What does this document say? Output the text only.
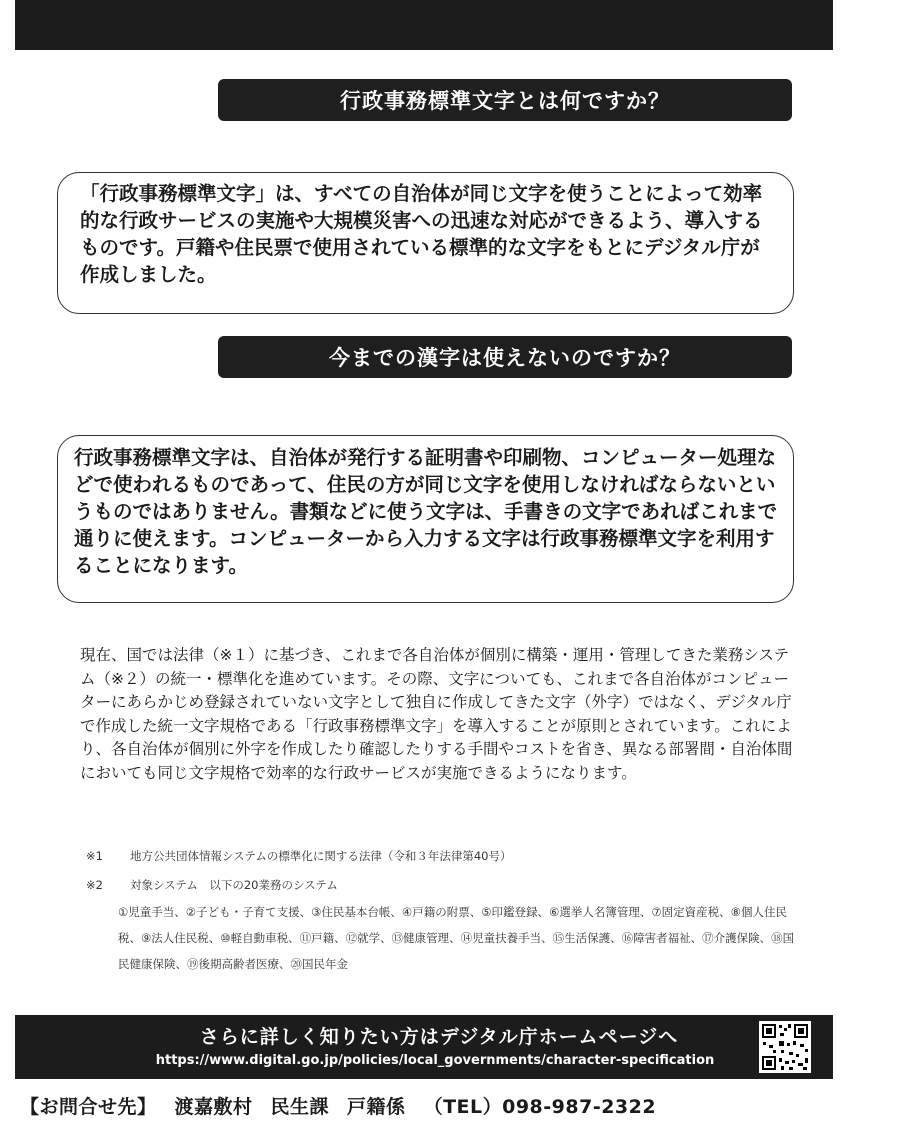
行政事務標準文字とは何ですか？
「行政事務標準文字」は、すべての自治体が同じ文字を使うことによって効率的な行政サービスの実施や大規模災害への迅速な対応ができるよう、導入するものです。戸籍や住民票で使用されている標準的な文字をもとにデジタル庁が作成しました。
今までの漢字は使えないのですか？
行政事務標準文字は、自治体が発行する証明書や印刷物、コンピューター処理などで使われるものであって、住民の方が同じ文字を使用しなければならないというものではありません。書類などに使う文字は、手書きの文字であればこれまで通りに使えます。コンピューターから入力する文字は行政事務標準文字を利用することになります。
現在、国では法律（※１）に基づき、これまで各自治体が個別に構築・運用・管理してきた業務システム（※２）の統一・標準化を進めています。その際、文字についても、これまで各自治体がコンピューターにあらかじめ登録されていない文字として独自に作成してきた文字（外字）ではなく、デジタル庁で作成した統一文字規格である「行政事務標準文字」を導入することが原則とされています。これにより、各自治体が個別に外字を作成したり確認したりする手間やコストを省き、異なる部署間・自治体間においても同じ文字規格で効率的な行政サービスが実施できるようになります。
※1 地方公共団体情報システムの標準化に関する法律（令和３年法律第40号）
※2 対象システム　以下の20業務のシステム
①児童手当、②子ども・子育て支援、③住民基本台帳、④戸籍の附票、⑤印鑑登録、⑥選挙人名簿管理、⑦固定資産税、⑧個人住民税、⑨法人住民税、⑩軽自動車税、⑪戸籍、⑫就学、⑬健康管理、⑭児童扶養手当、⑮生活保護、⑯障害者福祉、⑰介護保険、⑱国民健康保険、⑲後期高齢者医療、⑳国民年金
さらに詳しく知りたい方はデジタル庁ホームページへ
https://www.digital.go.jp/policies/local_governments/character-specification
【お問合せ先】 渡嘉敷村 民生課 戸籍係 （TEL）098-987-2322
